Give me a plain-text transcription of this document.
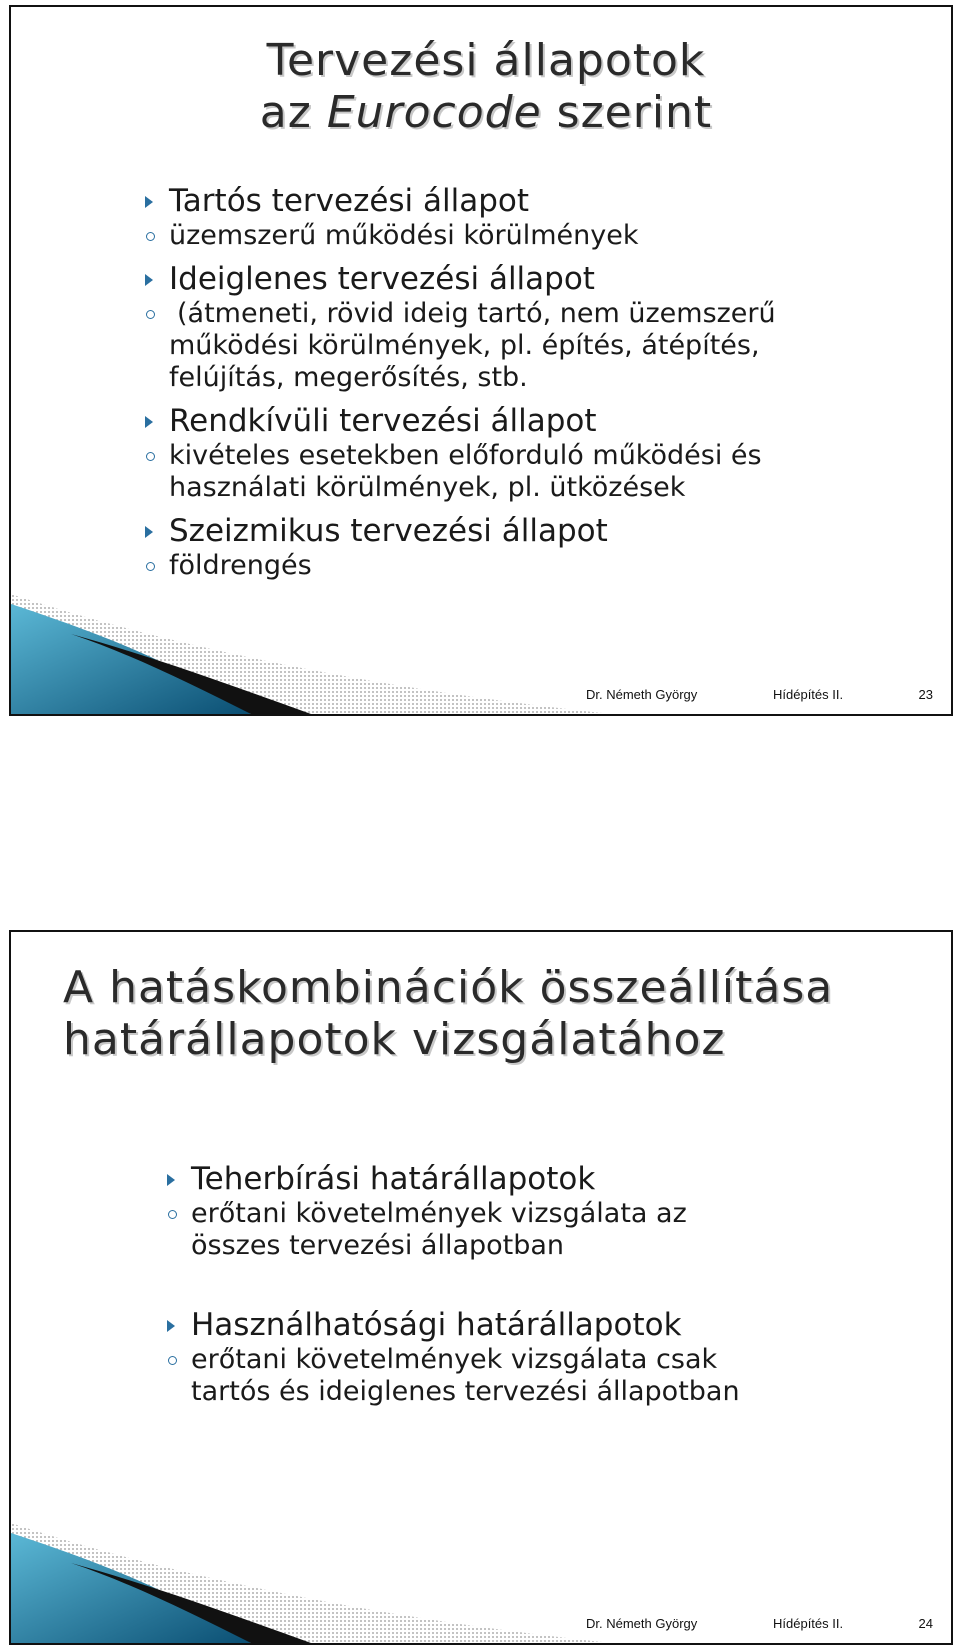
Tervezési állapotok
az Eurocode szerint
Tartós tervezési állapot
üzemszerű működési körülmények
Ideiglenes tervezési állapot
(átmeneti, rövid ideig tartó, nem üzemszerű
működési körülmények, pl. építés, átépítés,
felújítás, megerősítés, stb.
Rendkívüli tervezési állapot
kivételes esetekben előforduló működési és
használati körülmények, pl. ütközések
Szeizmikus tervezési állapot
földrengés
Dr. Németh György	Hídépítés II.	23
A hatáskombinációk összeállítása
határállapotok vizsgálatához
Teherbírási határállapotok
erőtani követelmények vizsgálata az
összes tervezési állapotban
Használhatósági határállapotok
erőtani követelmények vizsgálata csak
tartós és ideiglenes tervezési állapotban
Dr. Németh György	Hídépítés II.	24
